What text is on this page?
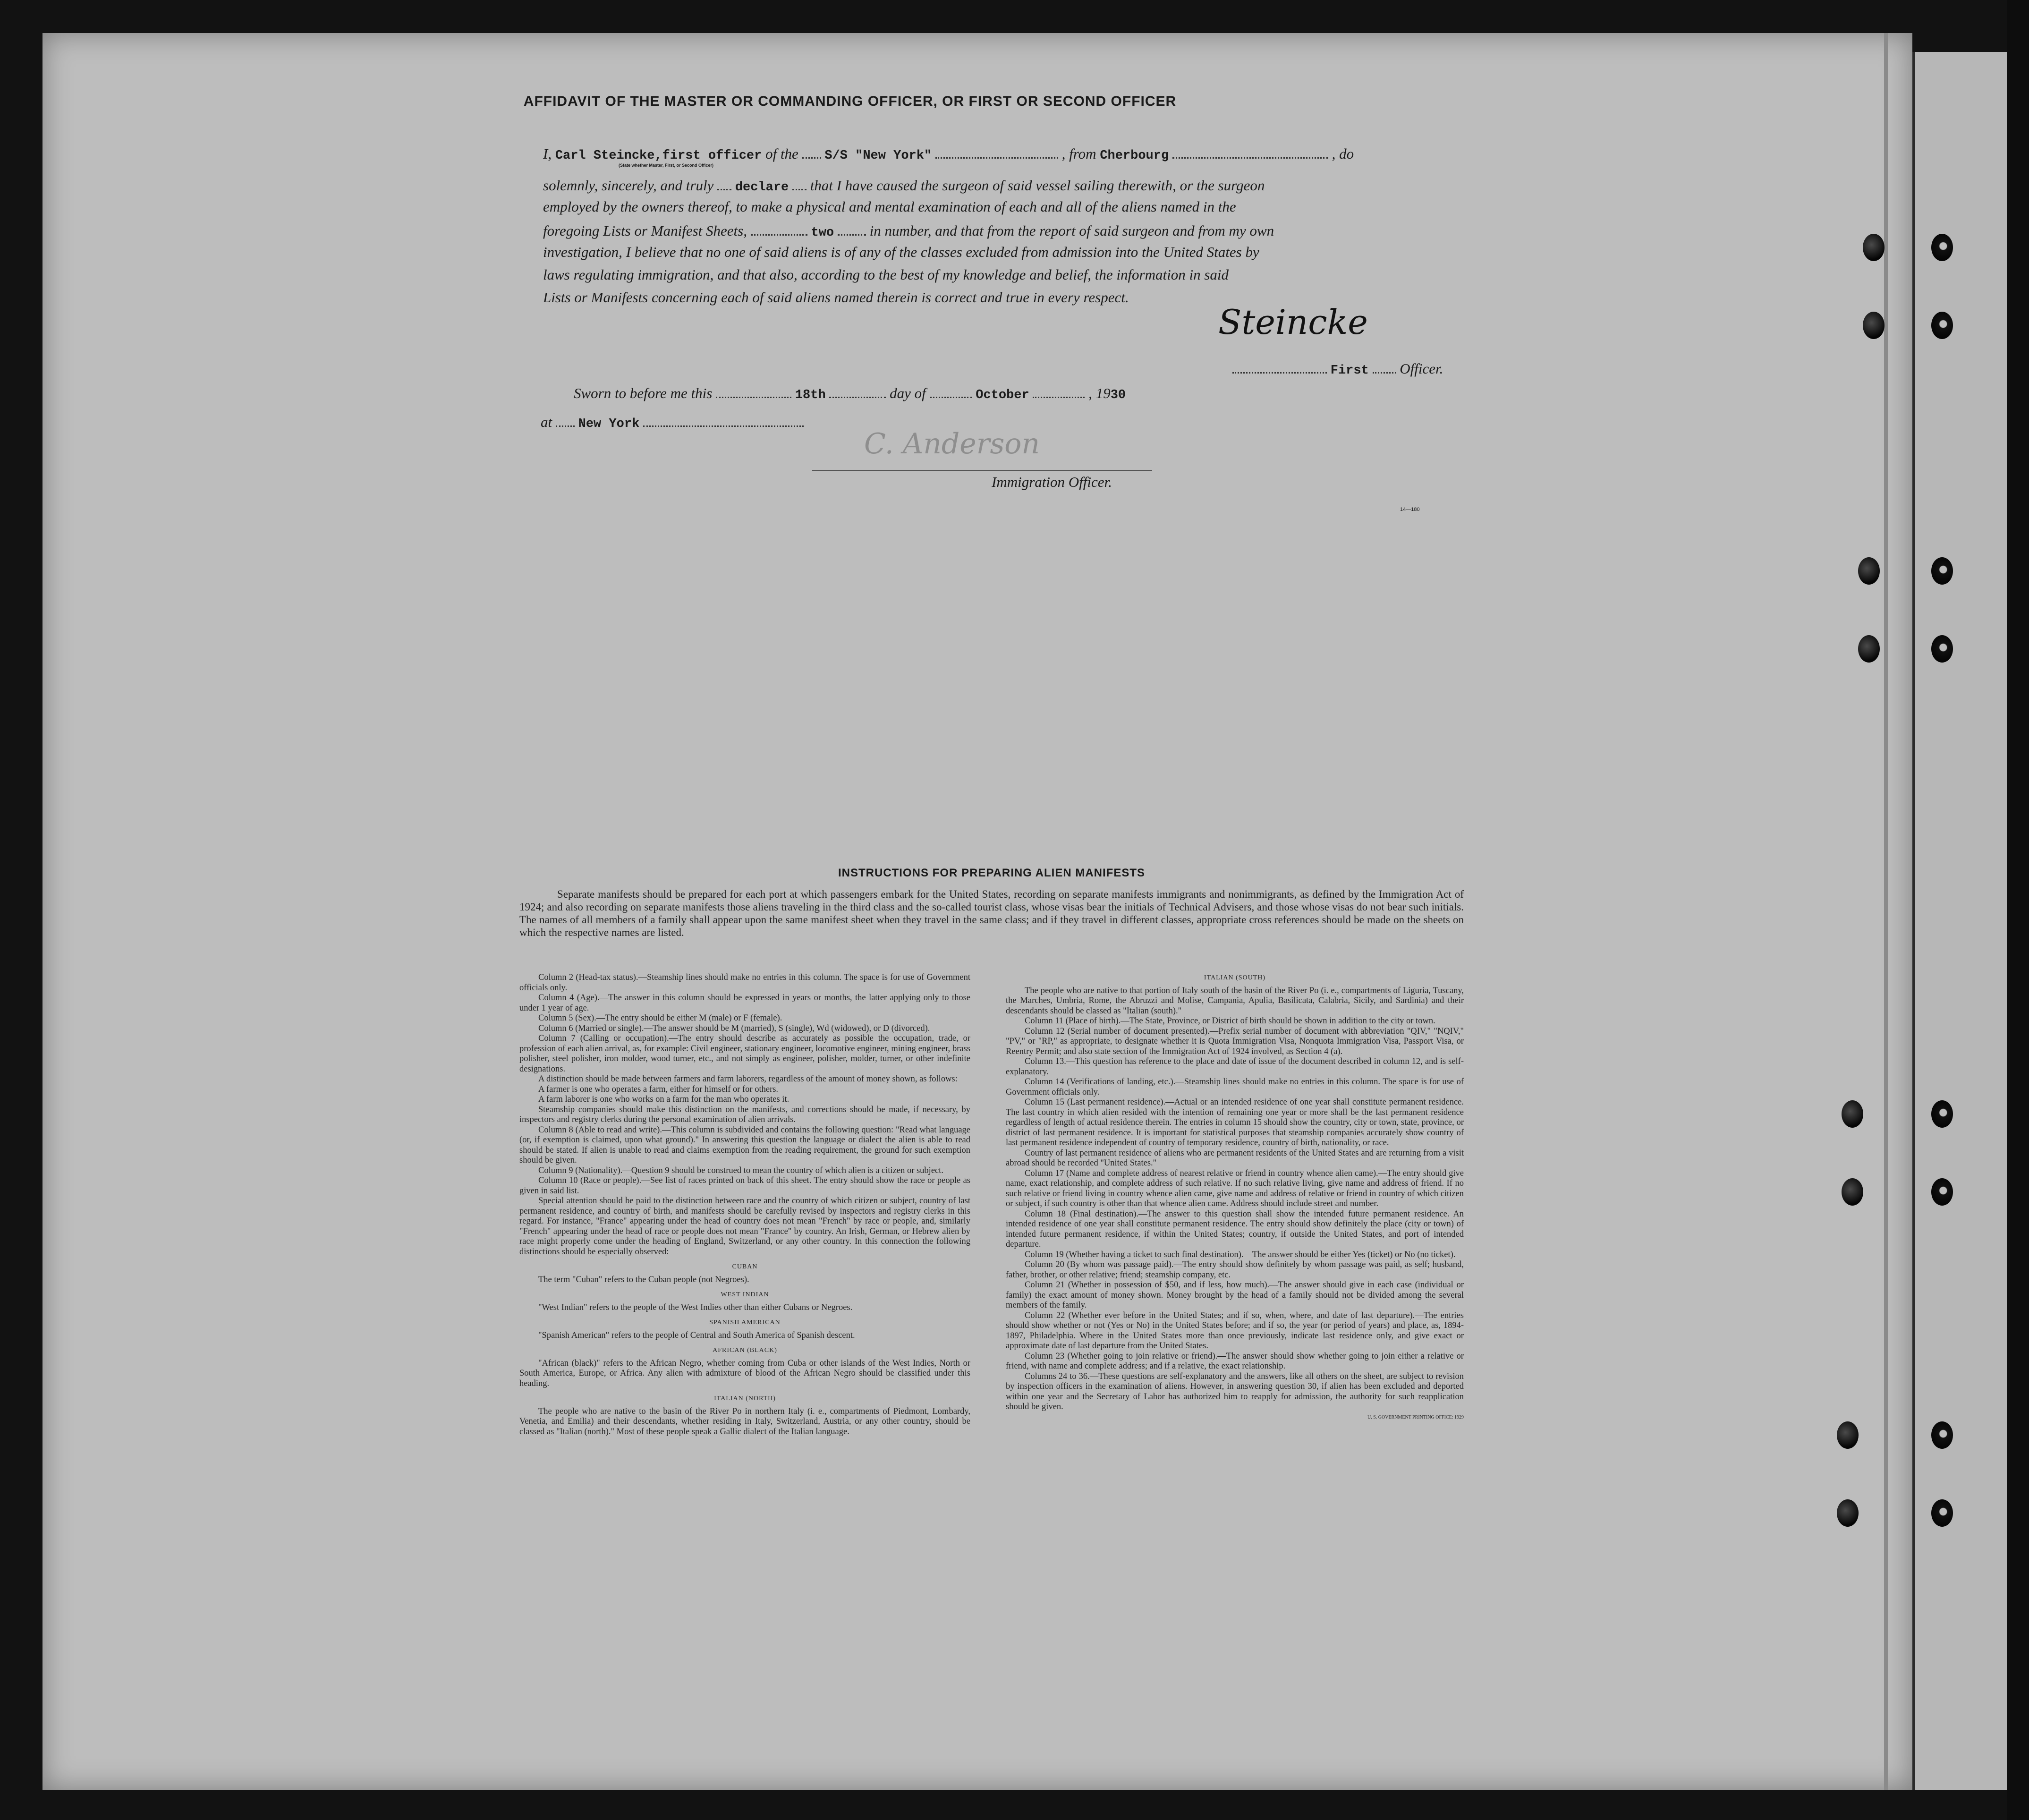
AFFIDAVIT OF THE MASTER OR COMMANDING OFFICER, OR FIRST OR SECOND OFFICER
I, Carl Steincke,first officer of the S/S "New York"	, from Cherbourg	, do
(State whether Master, First, or Second Officer)
solemnly, sincerely, and truly declare that I have caused the surgeon of said vessel sailing therewith, or the surgeon
employed by the owners thereof, to make a physical and mental examination of each and all of the aliens named in the
foregoing Lists or Manifest Sheets,	two in number, and that from the report of said surgeon and from my own
investigation, I believe that no one of said aliens is of any of the classes excluded from admission into the United States by
laws regulating immigration, and that also, according to the best of my knowledge and belief, the information in said
Lists or Manifests concerning each of said aliens named therein is correct and true in every respect.
Steincke
First Officer.
Sworn to before me this	18th	day of	October	, 1930
at New York
C. Anderson
Immigration Officer.
14—180
INSTRUCTIONS FOR PREPARING ALIEN MANIFESTS
Separate manifests should be prepared for each port at which passengers embark for the United States, recording on separate manifests immigrants and nonimmigrants, as defined by the Immigration Act of 1924; and also recording on separate manifests those aliens traveling in the third class and the so-called tourist class, whose visas bear the initials of Technical Advisers, and those whose visas do not bear such initials. The names of all members of a family shall appear upon the same manifest sheet when they travel in the same class; and if they travel in different classes, appropriate cross references should be made on the sheets on which the respective names are listed.

Column 2 (Head-tax status).—Steamship lines should make no entries in this column. The space is for use of Government officials only.

Column 4 (Age).—The answer in this column should be expressed in years or months, the latter applying only to those under 1 year of age.

Column 5 (Sex).—The entry should be either M (male) or F (female).

Column 6 (Married or single).—The answer should be M (married), S (single), Wd (widowed), or D (divorced).

Column 7 (Calling or occupation).—The entry should describe as accurately as possible the occupation, trade, or profession of each alien arrival, as, for example: Civil engineer, stationary engineer, locomotive engineer, mining engineer, brass polisher, steel polisher, iron molder, wood turner, etc., and not simply as engineer, polisher, molder, turner, or other indefinite designations.

A distinction should be made between farmers and farm laborers, regardless of the amount of money shown, as follows:

A farmer is one who operates a farm, either for himself or for others.

A farm laborer is one who works on a farm for the man who operates it.

Steamship companies should make this distinction on the manifests, and corrections should be made, if necessary, by inspectors and registry clerks during the personal examination of alien arrivals.

Column 8 (Able to read and write).—This column is subdivided and contains the following question: "Read what language (or, if exemption is claimed, upon what ground)." In answering this question the language or dialect the alien is able to read should be stated. If alien is unable to read and claims exemption from the reading requirement, the ground for such exemption should be given.

Column 9 (Nationality).—Question 9 should be construed to mean the country of which alien is a citizen or subject.

Column 10 (Race or people).—See list of races printed on back of this sheet. The entry should show the race or people as given in said list.

Special attention should be paid to the distinction between race and the country of which citizen or subject, country of last permanent residence, and country of birth, and manifests should be carefully revised by inspectors and registry clerks in this regard. For instance, "France" appearing under the head of country does not mean "French" by race or people, and, similarly "French" appearing under the head of race or people does not mean "France" by country. An Irish, German, or Hebrew alien by race might properly come under the heading of England, Switzerland, or any other country. In this connection the following distinctions should be especially observed:

CUBAN

The term "Cuban" refers to the Cuban people (not Negroes).

WEST INDIAN

"West Indian" refers to the people of the West Indies other than either Cubans or Negroes.

SPANISH AMERICAN

"Spanish American" refers to the people of Central and South America of Spanish descent.

AFRICAN (BLACK)

"African (black)" refers to the African Negro, whether coming from Cuba or other islands of the West Indies, North or South America, Europe, or Africa. Any alien with admixture of blood of the African Negro should be classified under this heading.

ITALIAN (NORTH)

The people who are native to the basin of the River Po in northern Italy (i. e., compartments of Piedmont, Lombardy, Venetia, and Emilia) and their descendants, whether residing in Italy, Switzerland, Austria, or any other country, should be classed as "Italian (north)." Most of these people speak a Gallic dialect of the Italian language.

ITALIAN (SOUTH)

The people who are native to that portion of Italy south of the basin of the River Po (i. e., compartments of Liguria, Tuscany, the Marches, Umbria, Rome, the Abruzzi and Molise, Campania, Apulia, Basilicata, Calabria, Sicily, and Sardinia) and their descendants should be classed as "Italian (south)."

Column 11 (Place of birth).—The State, Province, or District of birth should be shown in addition to the city or town.

Column 12 (Serial number of document presented).—Prefix serial number of document with abbreviation "QIV," "NQIV," "PV," or "RP," as appropriate, to designate whether it is Quota Immigration Visa, Nonquota Immigration Visa, Passport Visa, or Reentry Permit; and also state section of the Immigration Act of 1924 involved, as Section 4 (a).

Column 13.—This question has reference to the place and date of issue of the document described in column 12, and is self-explanatory.

Column 14 (Verifications of landing, etc.).—Steamship lines should make no entries in this column. The space is for use of Government officials only.

Column 15 (Last permanent residence).—Actual or an intended residence of one year shall constitute permanent residence. The last country in which alien resided with the intention of remaining one year or more shall be the last permanent residence regardless of length of actual residence therein. The entries in column 15 should show the country, city or town, state, province, or district of last permanent residence. It is important for statistical purposes that steamship companies accurately show country of last permanent residence independent of country of temporary residence, country of birth, nationality, or race.

Country of last permanent residence of aliens who are permanent residents of the United States and are returning from a visit abroad should be recorded "United States."

Column 17 (Name and complete address of nearest relative or friend in country whence alien came).—The entry should give name, exact relationship, and complete address of such relative. If no such relative living, give name and address of friend. If no such relative or friend living in country whence alien came, give name and address of relative or friend in country of which citizen or subject, if such country is other than that whence alien came. Address should include street and number.

Column 18 (Final destination).—The answer to this question shall show the intended future permanent residence. An intended residence of one year shall constitute permanent residence. The entry should show definitely the place (city or town) of intended future permanent residence, if within the United States; country, if outside the United States, and port of intended departure.

Column 19 (Whether having a ticket to such final destination).—The answer should be either Yes (ticket) or No (no ticket).

Column 20 (By whom was passage paid).—The entry should show definitely by whom passage was paid, as self; husband, father, brother, or other relative; friend; steamship company, etc.

Column 21 (Whether in possession of $50, and if less, how much).—The answer should give in each case (individual or family) the exact amount of money shown. Money brought by the head of a family should not be divided among the several members of the family.

Column 22 (Whether ever before in the United States; and if so, when, where, and date of last departure).—The entries should show whether or not (Yes or No) in the United States before; and if so, the year (or period of years) and place, as, 1894-1897, Philadelphia. Where in the United States more than once previously, indicate last residence only, and give exact or approximate date of last departure from the United States.

Column 23 (Whether going to join relative or friend).—The answer should show whether going to join either a relative or friend, with name and complete address; and if a relative, the exact relationship.

Columns 24 to 36.—These questions are self-explanatory and the answers, like all others on the sheet, are subject to revision by inspection officers in the examination of aliens. However, in answering question 30, if alien has been excluded and deported within one year and the Secretary of Labor has authorized him to reapply for admission, the authority for such reapplication should be given.

U. S. GOVERNMENT PRINTING OFFICE: 1929
